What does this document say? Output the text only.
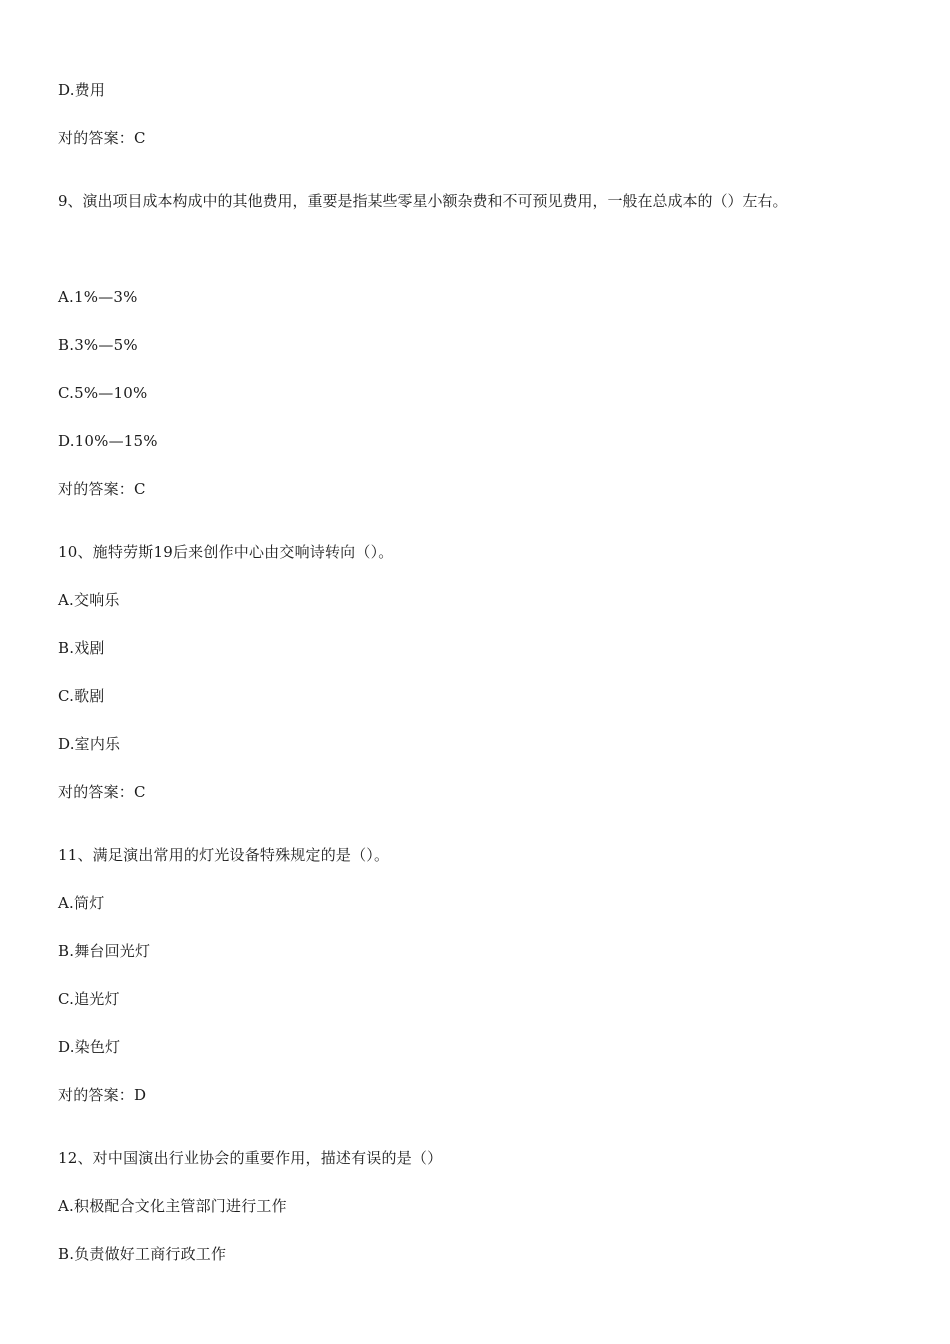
D.费用
对的答案：C
9、演出项目成本构成中的其他费用，重要是指某些零星小额杂费和不可预见费用，一般在总成本的（）左右。
A.1%—3%
B.3%—5%
C.5%—10%
D.10%—15%
对的答案：C
10、施特劳斯19后来创作中心由交响诗转向（）。
A.交响乐
B.戏剧
C.歌剧
D.室内乐
对的答案：C
11、满足演出常用的灯光设备特殊规定的是（）。
A.筒灯
B.舞台回光灯
C.追光灯
D.染色灯
对的答案：D
12、对中国演出行业协会的重要作用，描述有误的是（）
A.积极配合文化主管部门进行工作
B.负责做好工商行政工作
